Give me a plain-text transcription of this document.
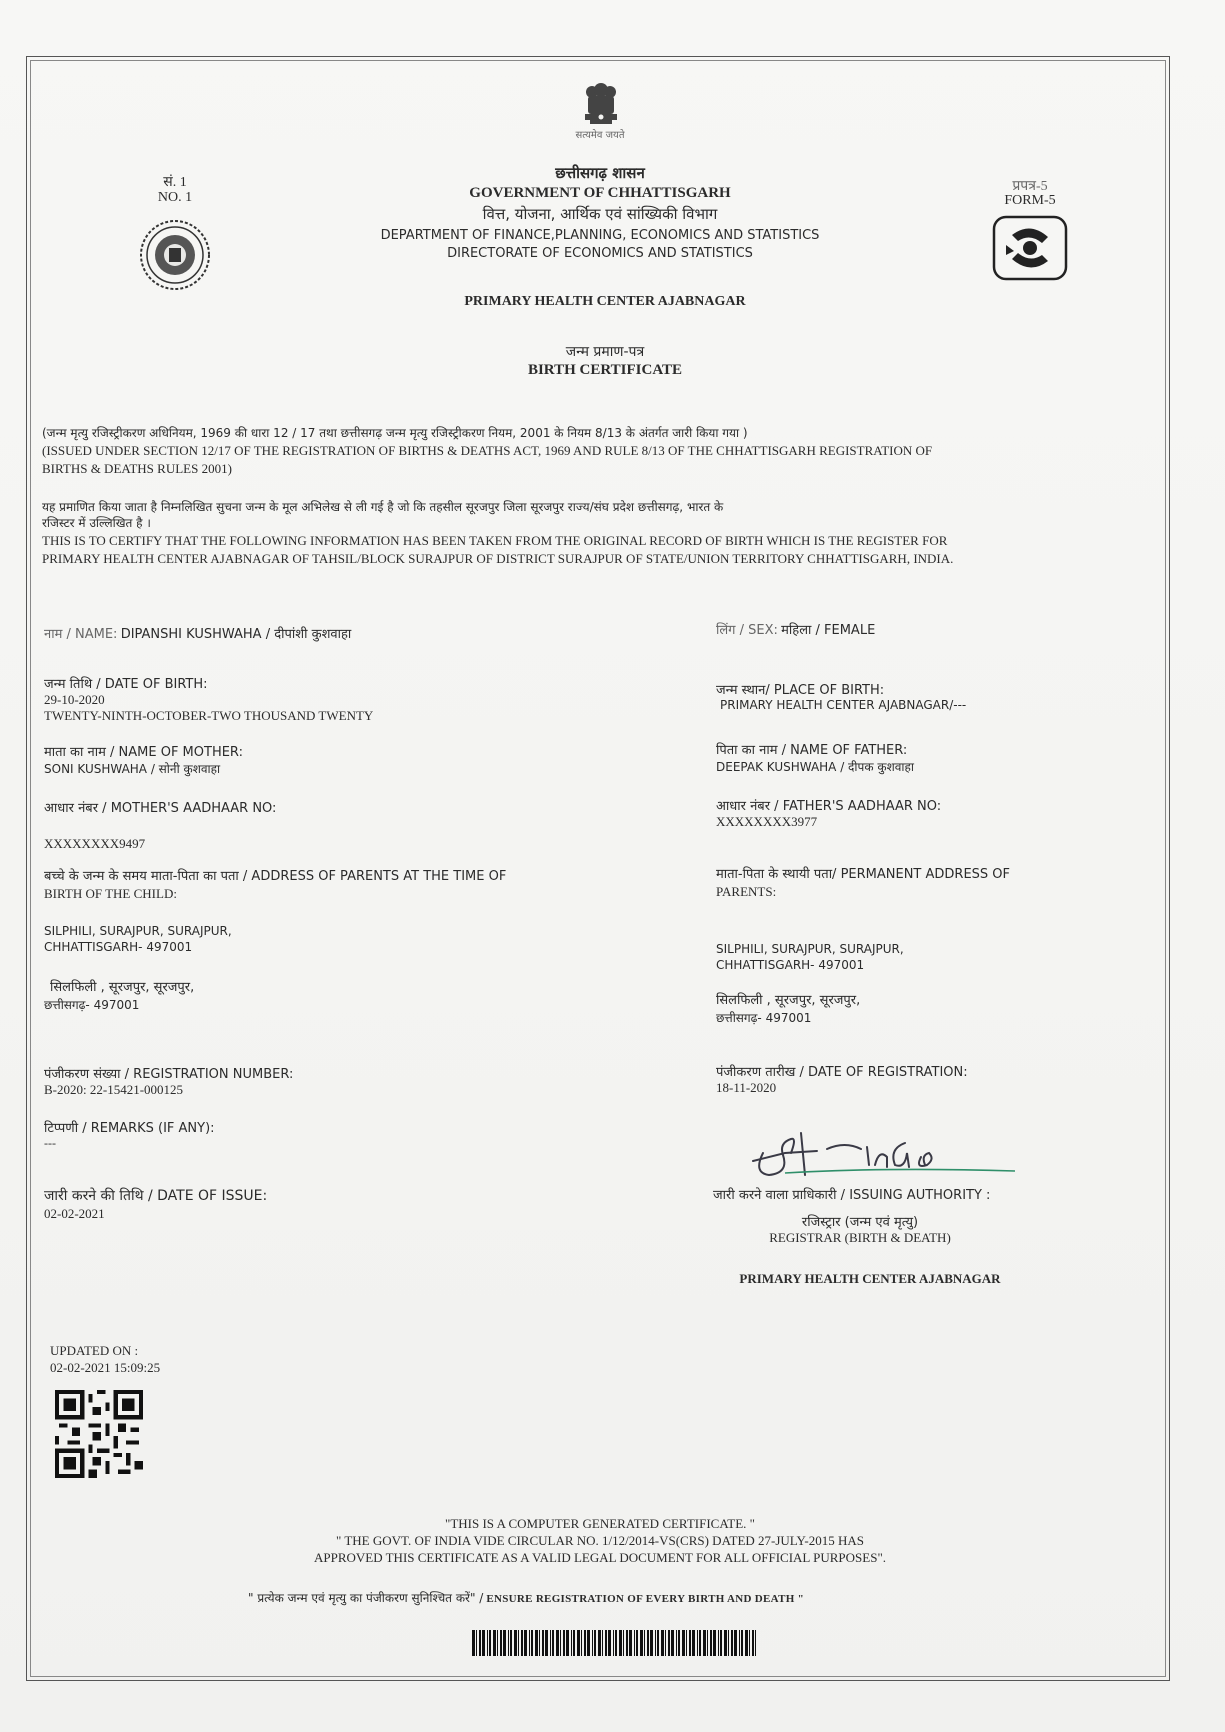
सत्यमेव जयते
सं. 1
NO. 1
प्रपत्र-5
FORM-5
छत्तीसगढ़ शासन
GOVERNMENT OF CHHATTISGARH
वित्त, योजना, आर्थिक एवं सांख्यिकी विभाग
DEPARTMENT OF FINANCE,PLANNING, ECONOMICS AND STATISTICS
DIRECTORATE OF ECONOMICS AND STATISTICS
PRIMARY HEALTH CENTER AJABNAGAR
जन्म प्रमाण-पत्र
BIRTH CERTIFICATE
(जन्म मृत्यु रजिस्ट्रीकरण अधिनियम, 1969 की धारा 12 / 17 तथा छत्तीसगढ़ जन्म मृत्यु रजिस्ट्रीकरण नियम, 2001 के नियम 8/13 के अंतर्गत जारी किया गया )
(ISSUED UNDER SECTION 12/17 OF THE REGISTRATION OF BIRTHS & DEATHS ACT, 1969 AND RULE 8/13 OF THE CHHATTISGARH REGISTRATION OF
BIRTHS & DEATHS RULES 2001)
यह प्रमाणित किया जाता है निम्नलिखित सुचना जन्म के मूल अभिलेख से ली गई है जो कि तहसील सूरजपुर जिला सूरजपुर राज्य/संघ प्रदेश छत्तीसगढ़, भारत के
रजिस्टर में उल्लिखित है ।
THIS IS TO CERTIFY THAT THE FOLLOWING INFORMATION HAS BEEN TAKEN FROM THE ORIGINAL RECORD OF BIRTH WHICH IS THE REGISTER FOR
PRIMARY HEALTH CENTER AJABNAGAR OF TAHSIL/BLOCK SURAJPUR OF DISTRICT SURAJPUR OF STATE/UNION TERRITORY CHHATTISGARH, INDIA.
नाम / NAME: DIPANSHI KUSHWAHA / दीपांशी कुशवाहा
जन्म तिथि / DATE OF BIRTH:
29-10-2020
TWENTY-NINTH-OCTOBER-TWO THOUSAND TWENTY
माता का नाम / NAME OF MOTHER:
SONI KUSHWAHA / सोनी कुशवाहा
आधार नंबर / MOTHER'S AADHAAR NO:
XXXXXXXX9497
बच्चे के जन्म के समय माता-पिता का पता / ADDRESS OF PARENTS AT THE TIME OF
BIRTH OF THE CHILD:
SILPHILI, SURAJPUR, SURAJPUR,
CHHATTISGARH- 497001
सिलफिली , सूरजपुर, सूरजपुर,
छत्तीसगढ़- 497001
पंजीकरण संख्या / REGISTRATION NUMBER:
B-2020: 22-15421-000125
टिप्पणी / REMARKS (IF ANY):
---
जारी करने की तिथि / DATE OF ISSUE:
02-02-2021
UPDATED ON :
02-02-2021 15:09:25
लिंग / SEX: महिला / FEMALE
जन्म स्थान/ PLACE OF BIRTH:
PRIMARY HEALTH CENTER AJABNAGAR/---
पिता का नाम / NAME OF FATHER:
DEEPAK KUSHWAHA / दीपक कुशवाहा
आधार नंबर / FATHER'S AADHAAR NO:
XXXXXXXX3977
माता-पिता के स्थायी पता/ PERMANENT ADDRESS OF
PARENTS:
SILPHILI, SURAJPUR, SURAJPUR,
CHHATTISGARH- 497001
सिलफिली , सूरजपुर, सूरजपुर,
छत्तीसगढ़- 497001
पंजीकरण तारीख / DATE OF REGISTRATION:
18-11-2020
जारी करने वाला प्राधिकारी / ISSUING AUTHORITY :
रजिस्ट्रार (जन्म एवं मृत्यु)
REGISTRAR (BIRTH & DEATH)
PRIMARY HEALTH CENTER AJABNAGAR
"THIS IS A COMPUTER GENERATED CERTIFICATE. "
" THE GOVT. OF INDIA VIDE CIRCULAR NO. 1/12/2014-VS(CRS) DATED 27-JULY-2015 HAS
APPROVED THIS CERTIFICATE AS A VALID LEGAL DOCUMENT FOR ALL OFFICIAL PURPOSES".
" प्रत्येक जन्म एवं मृत्यु का पंजीकरण सुनिश्चित करें" / ENSURE REGISTRATION OF EVERY BIRTH AND DEATH "
